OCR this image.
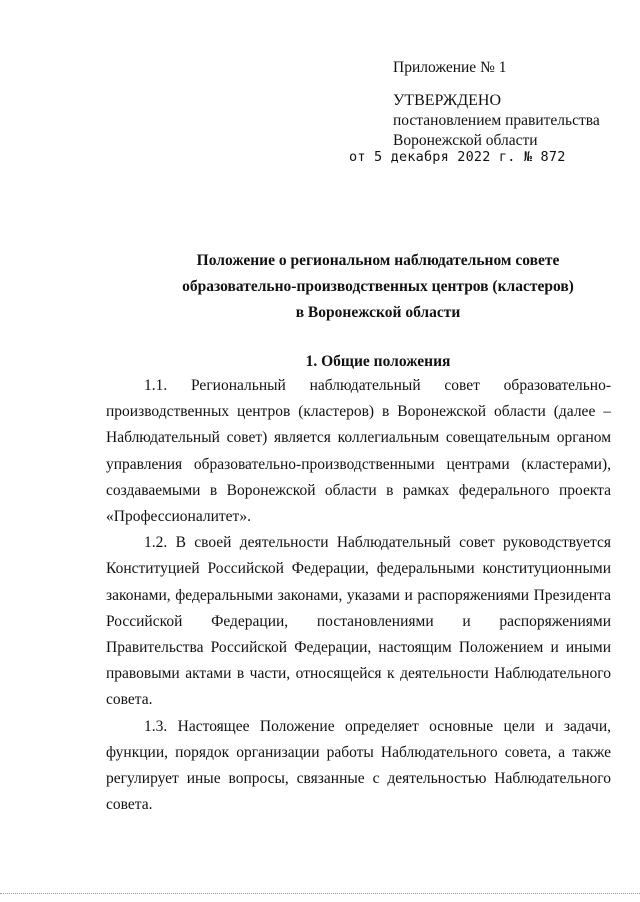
Приложение № 1
УТВЕРЖДЕНО
постановлением правительства
Воронежской области
от 5 декабря 2022 г. № 872
Положение о региональном наблюдательном совете
образовательно-производственных центров (кластеров)
в Воронежской области
1. Общие положения

1.1. Региональный наблюдательный совет образовательно-производственных центров (кластеров) в Воронежской области (далее – Наблюдательный совет) является коллегиальным совещательным органом управления образовательно-производственными центрами (кластерами), создаваемыми в Воронежской области в рамках федерального проекта «Профессионалитет».

1.2. В своей деятельности Наблюдательный совет руководствуется Конституцией Российской Федерации, федеральными конституционными законами, федеральными законами, указами и распоряжениями Президента Российской Федерации, постановлениями и распоряжениями Правительства Российской Федерации, настоящим Положением и иными правовыми актами в части, относящейся к деятельности Наблюдательного совета.

1.3. Настоящее Положение определяет основные цели и задачи, функции, порядок организации работы Наблюдательного совета, а также регулирует иные вопросы, связанные с деятельностью Наблюдательного совета.
